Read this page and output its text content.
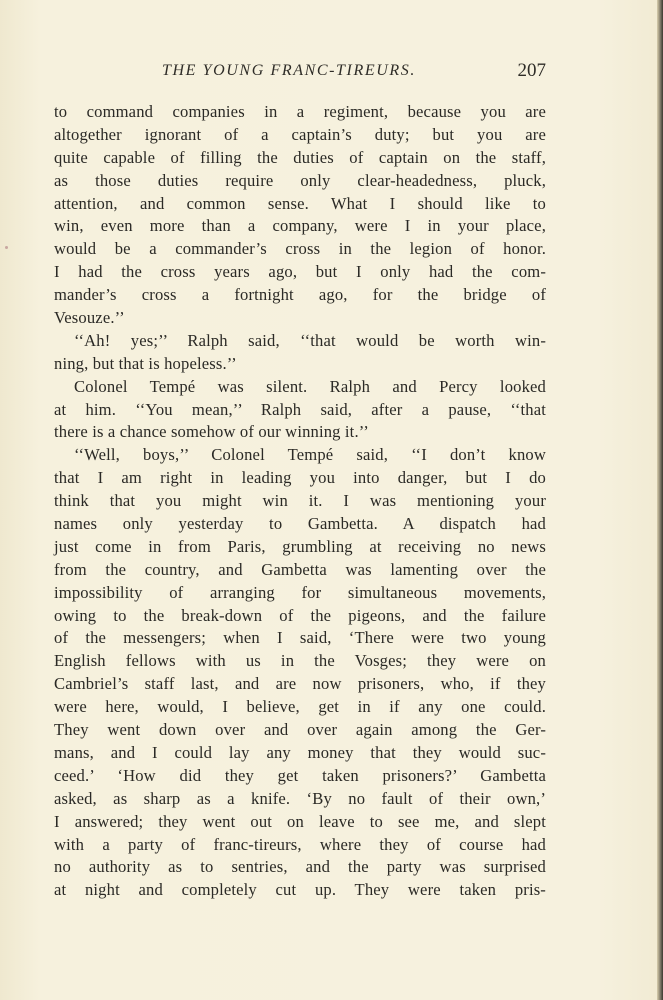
THE YOUNG FRANC-TIREURS.	207
to command companies in a regiment, because you are
altogether ignorant of a captain’s duty; but you are
quite capable of filling the duties of captain on the staff,
as those duties require only clear-headedness, pluck,
attention, and common sense. What I should like to
win, even more than a company, were I in your place,
would be a commander’s cross in the legion of honor.
I had the cross years ago, but I only had the com-
mander’s cross a fortnight ago, for the bridge of
Vesouze.’’
‘‘Ah! yes;’’ Ralph said, ‘‘that would be worth win-
ning, but that is hopeless.’’
Colonel Tempé was silent. Ralph and Percy looked
at him. ‘‘You mean,’’ Ralph said, after a pause, ‘‘that
there is a chance somehow of our winning it.’’
‘‘Well, boys,’’ Colonel Tempé said, ‘‘I don’t know
that I am right in leading you into danger, but I do
think that you might win it. I was mentioning your
names only yesterday to Gambetta. A dispatch had
just come in from Paris, grumbling at receiving no news
from the country, and Gambetta was lamenting over the
impossibility of arranging for simultaneous movements,
owing to the break-down of the pigeons, and the failure
of the messengers; when I said, ‘There were two young
English fellows with us in the Vosges; they were on
Cambriel’s staff last, and are now prisoners, who, if they
were here, would, I believe, get in if any one could.
They went down over and over again among the Ger-
mans, and I could lay any money that they would suc-
ceed.’ ‘How did they get taken prisoners?’ Gambetta
asked, as sharp as a knife. ‘By no fault of their own,’
I answered; they went out on leave to see me, and slept
with a party of franc-tireurs, where they of course had
no authority as to sentries, and the party was surprised
at night and completely cut up. They were taken pris-
